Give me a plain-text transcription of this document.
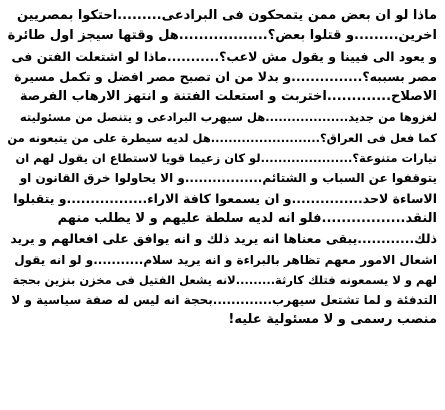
ماذا لو ان بعض ممن يتمحكون فى البرادعى.........احتكوا بمصريين
اخرين.........و قتلوا بعض؟..................هل وقتها سيجز اول طائرة
و يعود الى فيينا و يقول مش لاعب؟...........ماذا لو اشتعلت الفتن فى
مصر بسببه؟...............و بدلا من ان تصبح مصر افضل و تكمل مسيرة
الاصلاح.............اختربت و استعلت الفتنة و انتهز الارهاب الفرصة
لغزوها من جديد...................هل سيهرب البرادعى و يتنصل من مسئوليته
كما فعل فى العراق؟.........................هل لديه سيطرة على من يتبعونه من
تيارات متنوعة؟.....................لو كان زعيما قويا لاستطاع ان يقول لهم ان
يتوقفوا عن السباب و الشتائم.................و الا يحاولوا خرق القانون او
الاساءة لاحد...............و ان يسمعوا كافة الاراء.................و يتقبلوا
النقد.................فلو انه لديه سلطة عليهم و لا يطلب منهم
ذلك............يبقى معناها انه يريد ذلك و انه يوافق على افعالهم و يريد
اشعال الامور معهم تظاهر بالبراءة و انه يريد سلام...........و لو انه يقول
لهم و لا يسمعونه فتلك كارثة.........لانه يشعل الفتيل فى مخزن بنزين بحجة
التدفئة و لما تشتعل سيهرب.............بحجة انه ليس له صفة سياسية و لا
منصب رسمى و لا مسئولية عليه!
